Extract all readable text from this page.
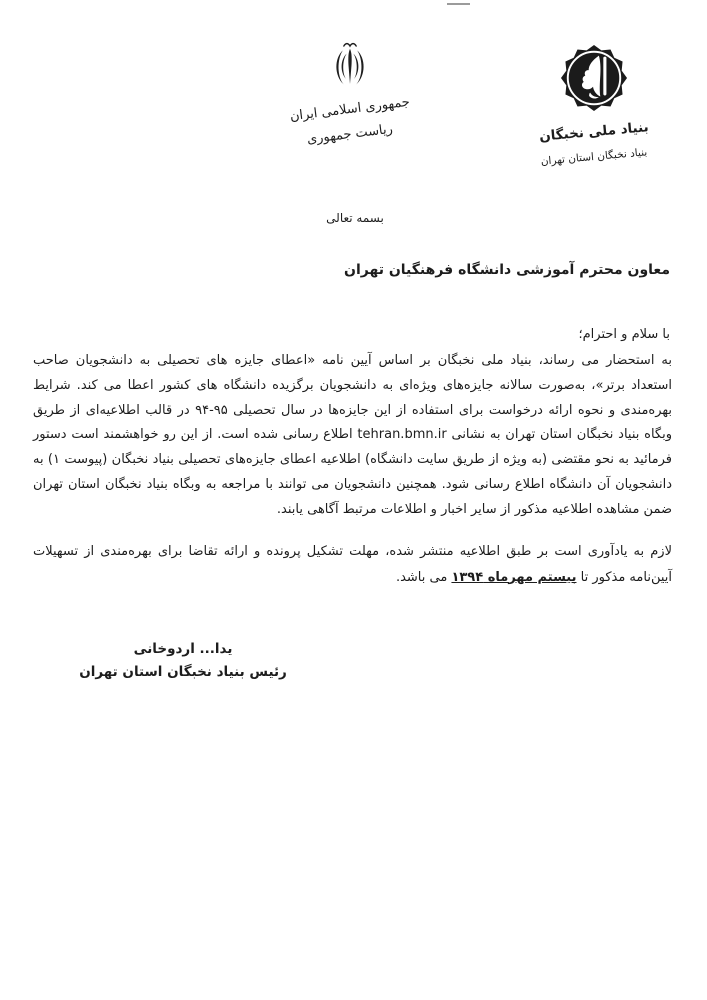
جمهوری اسلامی ایران
ریاست جمهوری	بنیاد ملی نخبگان
بنیاد نخبگان استان تهران
بسمه تعالی
معاون محترم آموزشی دانشگاه فرهنگیان تهران
با سلام و احترام؛
به استحضار می رساند، بنیاد ملی نخبگان بر اساس آیین نامه «اعطای جایزه های تحصیلی به دانشجویان صاحب
استعداد برتر»، به‌صورت سالانه جایزه‌های ویژه‌ای به دانشجویان برگزیده دانشگاه های کشور اعطا می کند. شرایط
بهره‌مندی و نحوه ارائه درخواست برای استفاده از این جایزه‌ها در سال تحصیلی ۹۵-۹۴ در قالب اطلاعیه‌ای از طریق
وبگاه بنیاد نخبگان استان تهران به نشانی tehran.bmn.ir اطلاع رسانی شده است. از این رو خواهشمند است دستور
فرمائید به نحو مقتضی (به ویژه از طریق سایت دانشگاه) اطلاعیه اعطای جایزه‌های تحصیلی بنیاد نخبگان (پیوست ۱) به
دانشجویان آن دانشگاه اطلاع رسانی شود. همچنین دانشجویان می توانند با مراجعه به وبگاه بنیاد نخبگان استان تهران
ضمن مشاهده اطلاعیه مذکور از سایر اخبار و اطلاعات مرتبط آگاهی یابند.
لازم به یادآوری است بر طبق اطلاعیه منتشر شده، مهلت تشکیل پرونده و ارائه تقاضا برای بهره‌مندی از تسهیلات
آیین‌نامه مذکور تا بیستم مهرماه ۱۳۹۴ می باشد.
یدا... اردوخانی
رئیس بنیاد نخبگان استان تهران
